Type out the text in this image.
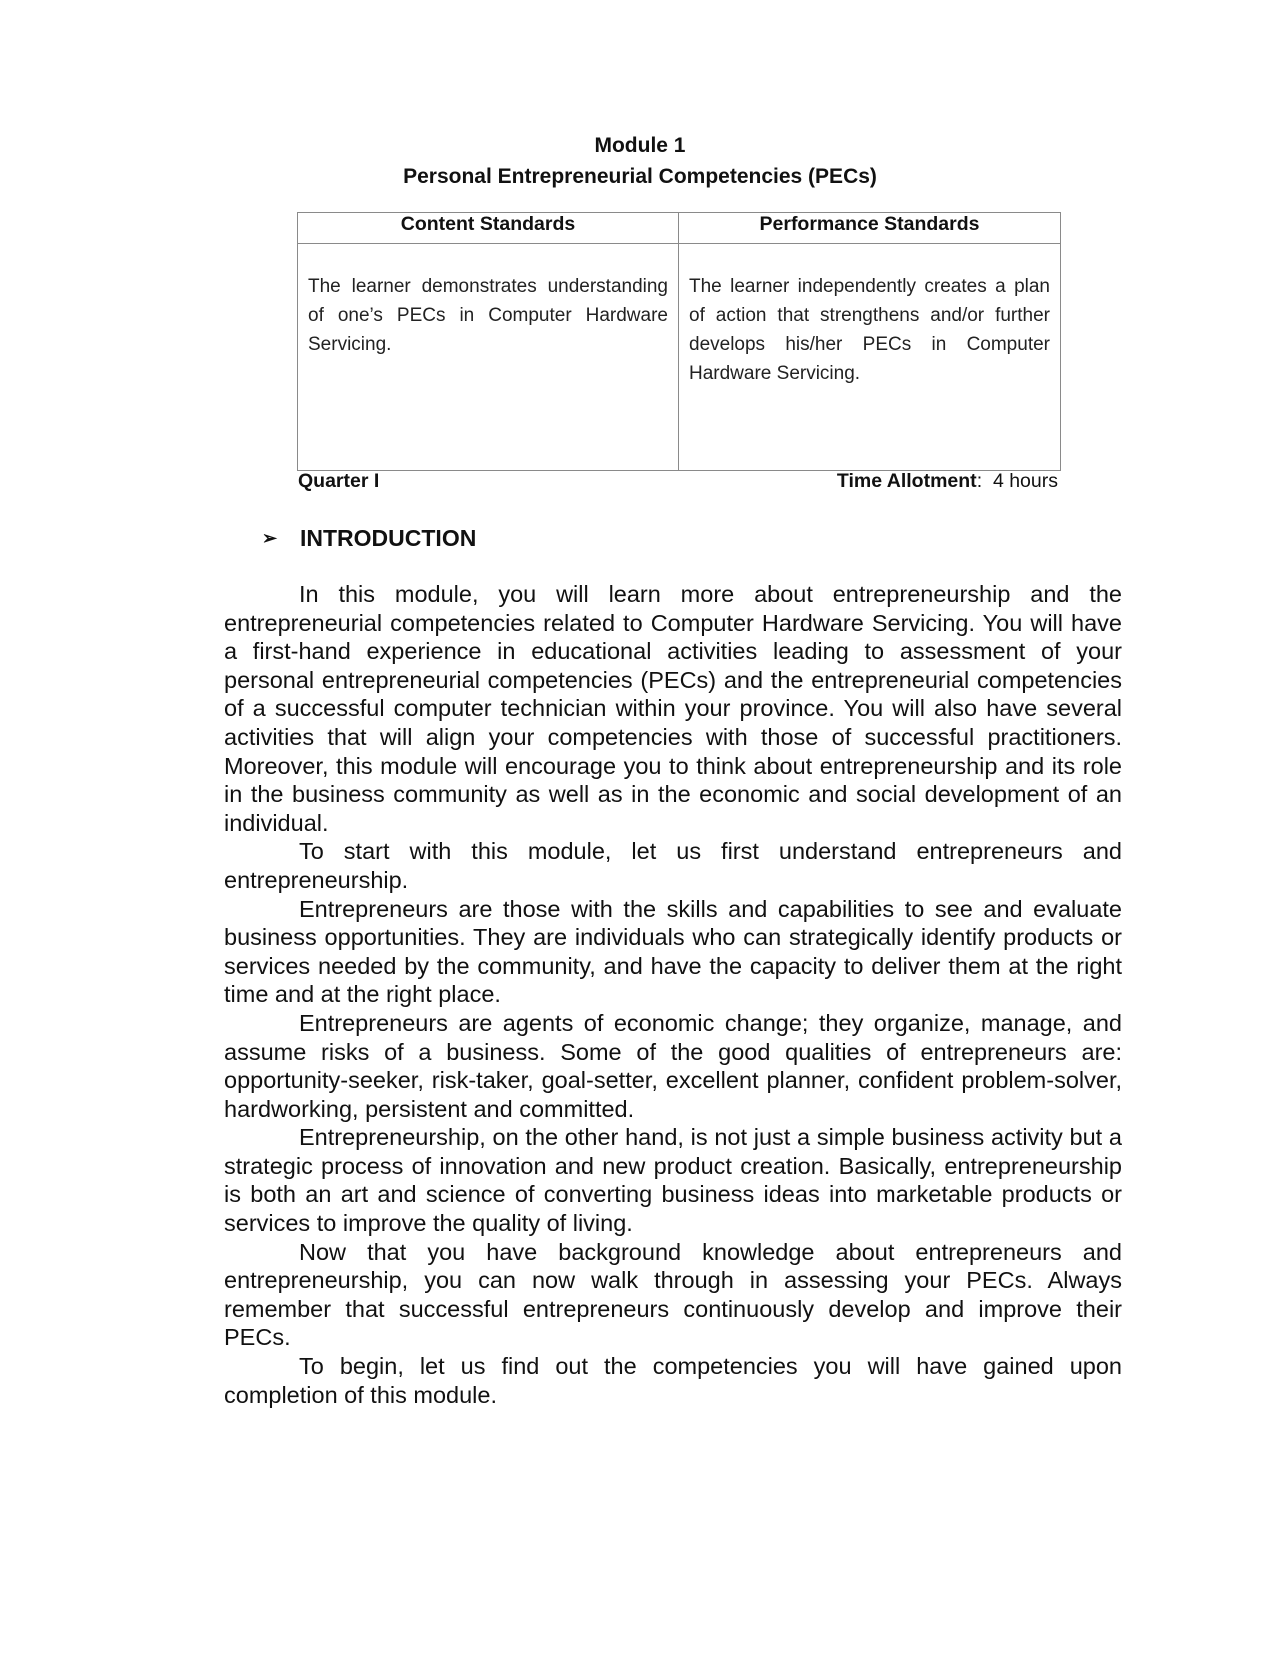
Module 1
Personal Entrepreneurial Competencies (PECs)
Content Standards	Performance Standards
The learner demonstrates understanding of one’s PECs in Computer Hardware Servicing.	The learner independently creates a plan of action that strengthens and/or further develops his/her PECs in Computer Hardware Servicing.
Quarter I	Time Allotment:  4 hours
➢ INTRODUCTION

In this module, you will learn more about entrepreneurship and the entrepreneurial competencies related to Computer Hardware Servicing. You will have a first-hand experience in educational activities leading to assessment of your personal entrepreneurial competencies (PECs) and the entrepreneurial competencies of a successful computer technician within your province. You will also have several activities that will align your competencies with those of successful practitioners. Moreover, this module will encourage you to think about entrepreneurship and its role in the business community as well as in the economic and social development of an individual.

To start with this module, let us first understand entrepreneurs and entrepreneurship.

Entrepreneurs are those with the skills and capabilities to see and evaluate business opportunities. They are individuals who can strategically identify products or services needed by the community, and have the capacity to deliver them at the right time and at the right place.

Entrepreneurs are agents of economic change; they organize, manage, and assume risks of a business. Some of the good qualities of entrepreneurs are: opportunity-seeker, risk-taker, goal-setter, excellent planner, confident problem-solver, hardworking, persistent and committed.

Entrepreneurship, on the other hand, is not just a simple business activity but a strategic process of innovation and new product creation. Basically, entrepreneurship is both an art and science of converting business ideas into marketable products or services to improve the quality of living.

Now that you have background knowledge about entrepreneurs and entrepreneurship, you can now walk through in assessing your PECs. Always remember that successful entrepreneurs continuously develop and improve their PECs.

To begin, let us find out the competencies you will have gained upon completion of this module.
